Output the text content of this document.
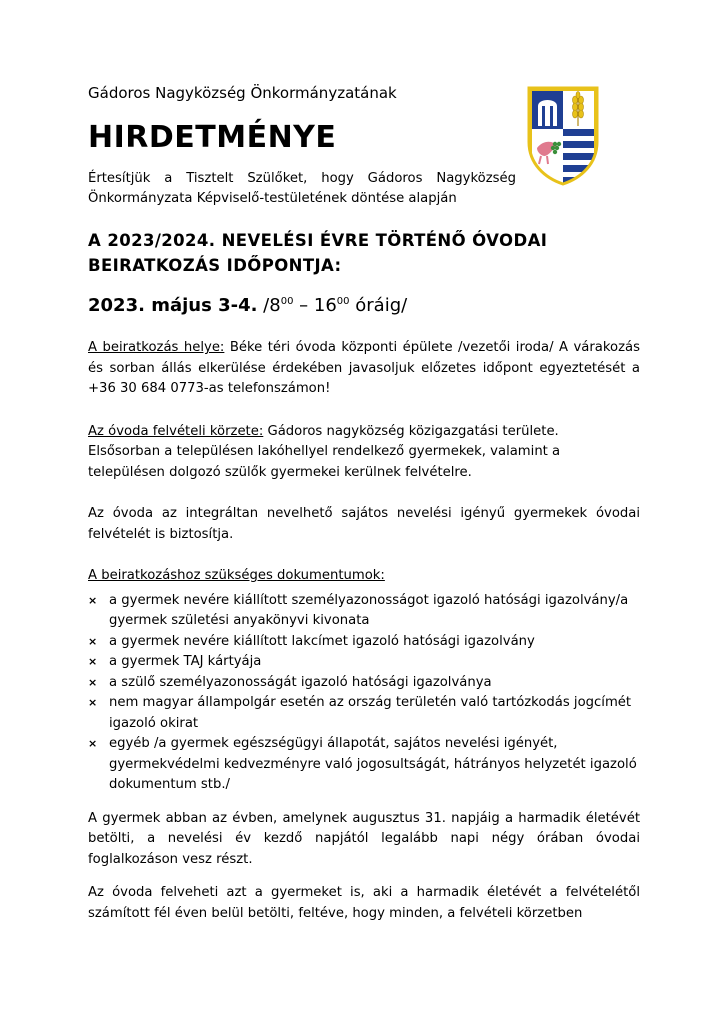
Gádoros Nagyközség Önkormányzatának

HIRDETMÉNYE

Értesítjük a Tisztelt Szülőket, hogy Gádoros Nagyközség Önkormányzata Képviselő-testületének döntése alapján

A 2023/2024. NEVELÉSI ÉVRE TÖRTÉNŐ ÓVODAI BEIRATKOZÁS IDŐPONTJA:

2023. május 3-4. $/8^{00} - 16^{00}$ óráig/

A beiratkozás helye: Béke téri óvoda központi épülete /vezetői iroda/ A várakozás és sorban állás elkerülése érdekében javasoljuk előzetes időpont egyeztetését a +36 30 684 0773-as telefonszámon!

Az óvoda felvételi körzete: Gádoros nagyközség közigazgatási területe.

Elsősorban a településen lakóhellyel rendelkező gyermekek, valamint a településen dolgozó szülők gyermekei kerülnek felvételre.

Az óvoda az integráltan nevelhető sajátos nevelési igényű gyermekek óvodai felvételét is biztosítja.

A beiratkozáshoz szükséges dokumentumok:

× a gyermek nevére kiállított személyazonosságot igazoló hatósági igazolvány/a gyermek születési anyakönyvi kivonata
× a gyermek nevére kiállított lakcímet igazoló hatósági igazolvány
× a gyermek TAJ kártyája
× a szülő személyazonosságát igazoló hatósági igazolványa
× nem magyar állampolgár esetén az ország területén való tartózkodás jogcímét igazoló okirat
× egyéb /a gyermek egészségügyi állapotát, sajátos nevelési igényét, gyermekvédelmi kedvezményre való jogosultságát, hátrányos helyzetét igazoló dokumentum stb./

A gyermek abban az évben, amelynek augusztus 31. napjáig a harmadik életévét betölti, a nevelési év kezdő napjától legalább napi négy órában óvodai foglalkozáson vesz részt.

Az óvoda felveheti azt a gyermeket is, aki a harmadik életévét a felvételétől számított fél éven belül betölti, feltéve, hogy minden, a felvételi körzetben
